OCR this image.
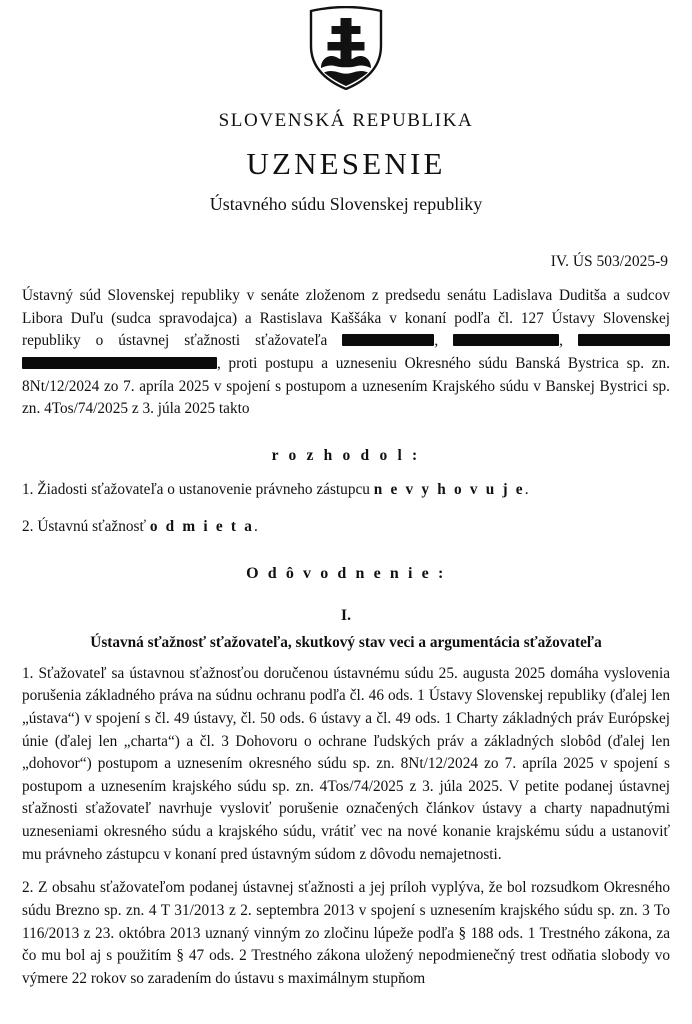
SLOVENSKÁ REPUBLIKA
UZNESENIE
Ústavného súdu Slovenskej republiky
IV. ÚS 503/2025-9
Ústavný súd Slovenskej republiky v senáte zloženom z predsedu senátu Ladislava Duditša a sudcov Libora Duľu (sudca spravodajca) a Rastislava Kaššáka v konaní podľa čl. 127 Ústavy Slovenskej republiky o ústavnej sťažnosti sťažovateľa	,	,  , proti postupu a uzneseniu Okresného súdu Banská Bystrica sp. zn. 8Nt/12/2024 zo 7. apríla 2025 v spojení s postupom a uznesením Krajského súdu v Banskej Bystrici sp. zn. 4Tos/74/2025 z 3. júla 2025 takto
r o z h o d o l :
1. Žiadosti sťažovateľa o ustanovenie právneho zástupcu n e v y h o v u j e.
2. Ústavnú sťažnosť o d m i e t a.
O d ô v o d n e n i e :
I.
Ústavná sťažnosť sťažovateľa, skutkový stav veci a argumentácia sťažovateľa
1. Sťažovateľ sa ústavnou sťažnosťou doručenou ústavnému súdu 25. augusta 2025 domáha vyslovenia porušenia základného práva na súdnu ochranu podľa čl. 46 ods. 1 Ústavy Slovenskej republiky (ďalej len „ústava“) v spojení s čl. 49 ústavy, čl. 50 ods. 6 ústavy a čl. 49 ods. 1 Charty základných práv Európskej únie (ďalej len „charta“) a čl. 3 Dohovoru o ochrane ľudských práv a základných slobôd (ďalej len „dohovor“) postupom a uznesením okresného súdu sp. zn. 8Nt/12/2024 zo 7. apríla 2025 v spojení s postupom a uznesením krajského súdu sp. zn. 4Tos/74/2025 z 3. júla 2025. V petite podanej ústavnej sťažnosti sťažovateľ navrhuje vysloviť porušenie označených článkov ústavy a charty napadnutými uzneseniami okresného súdu a krajského súdu, vrátiť vec na nové konanie krajskému súdu a ustanoviť mu právneho zástupcu v konaní pred ústavným súdom z dôvodu nemajetnosti.
2. Z obsahu sťažovateľom podanej ústavnej sťažnosti a jej príloh vyplýva, že bol rozsudkom Okresného súdu Brezno sp. zn. 4 T 31/2013 z 2. septembra 2013 v spojení s uznesením krajského súdu sp. zn. 3 To 116/2013 z 23. októbra 2013 uznaný vinným zo zločinu lúpeže podľa § 188 ods. 1 Trestného zákona, za čo mu bol aj s použitím § 47 ods. 2 Trestného zákona uložený nepodmienečný trest odňatia slobody vo výmere 22 rokov so zaradením do ústavu s maximálnym stupňom
